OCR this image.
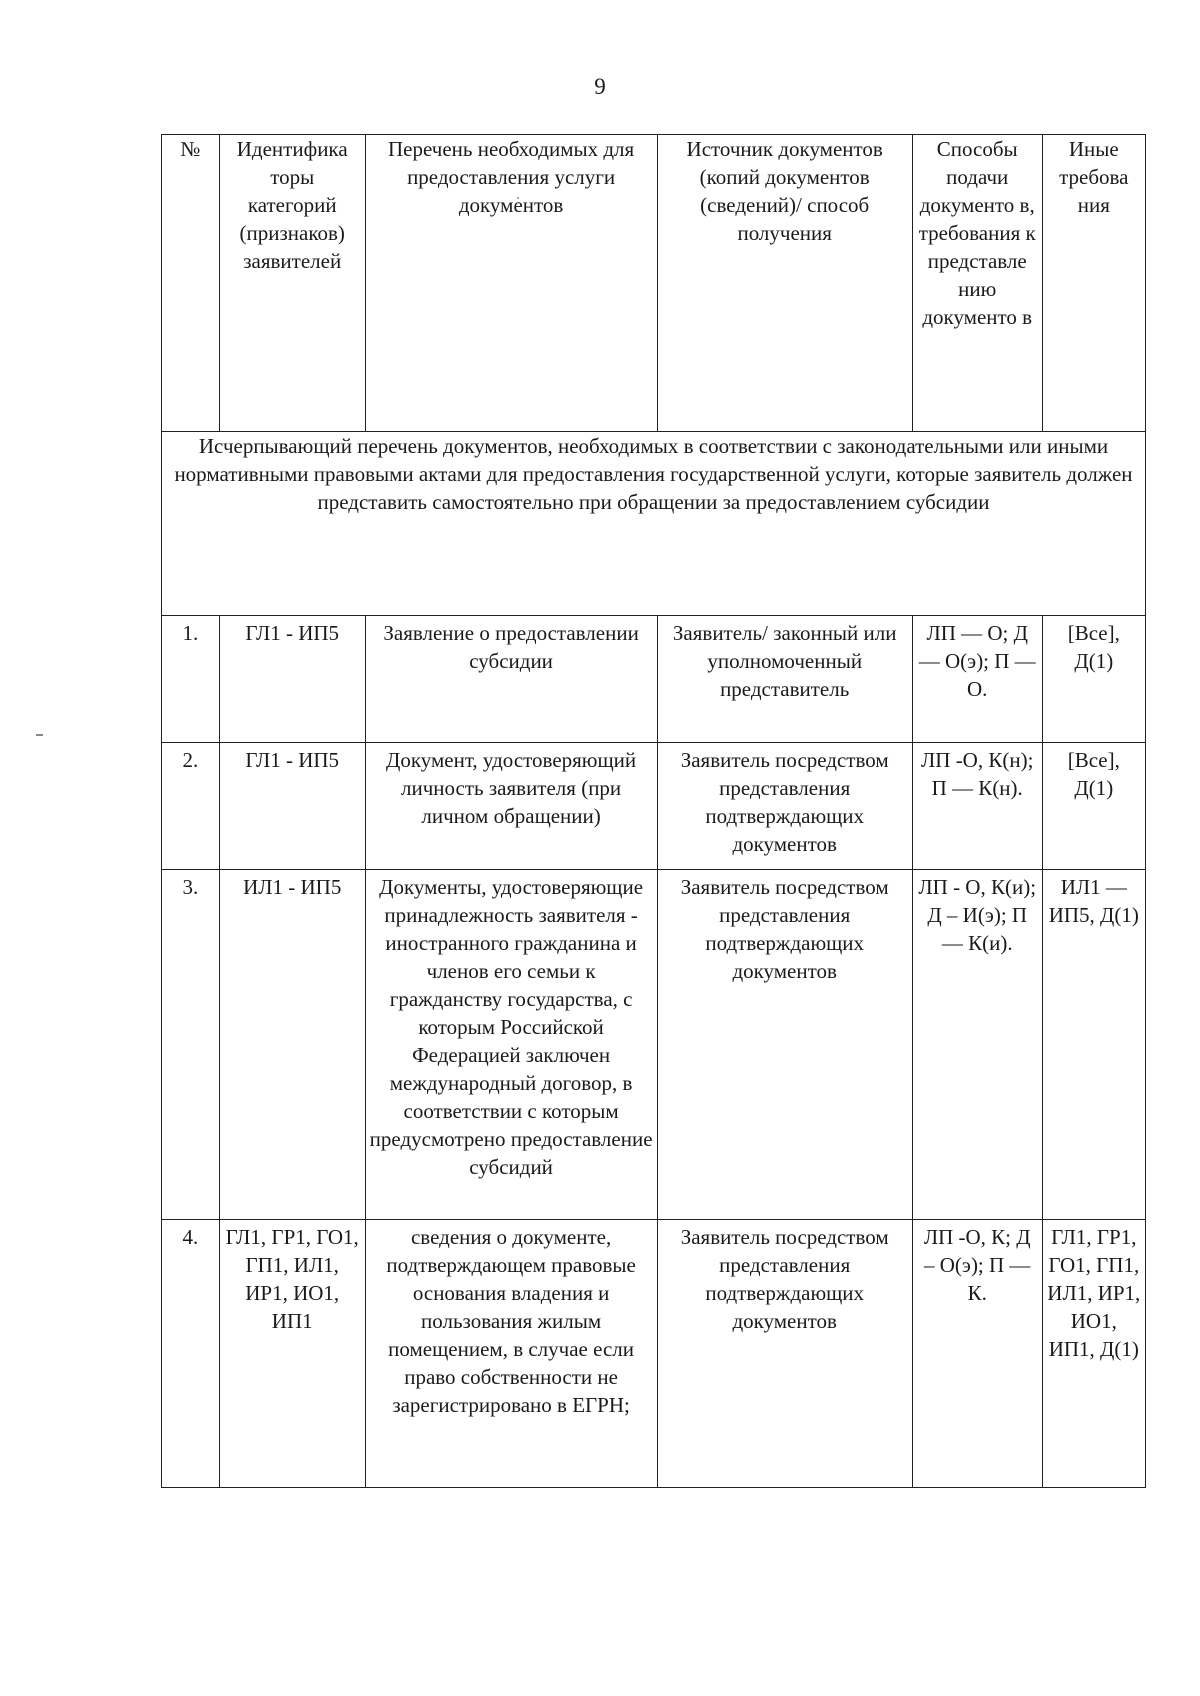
9
№	Идентифика торы категорий (признаков) заявителей	Перечень необходимых для предоставления услуги документов	Источник документов (копий документов (сведений)/ способ получения	Способы подачи документо в, требования к представле нию документо в	Иные требова ния
Исчерпывающий перечень документов, необходимых в соответствии с законодательными или иными нормативными правовыми актами для предоставления государственной услуги, которые заявитель должен представить самостоятельно при обращении за предоставлением субсидии					
1.	ГЛ1 - ИП5	Заявление о предоставлении субсидии	Заявитель/ законный или уполномоченный представитель	ЛП — О; Д — О(э); П — О.	[Все], Д(1)
2.	ГЛ1 - ИП5	Документ, удостоверяющий личность заявителя (при личном обращении)	Заявитель посредством представления подтверждающих документов	ЛП -О, К(н); П — К(н).	[Все], Д(1)
3.	ИЛ1 - ИП5	Документы, удостоверяющие принадлежность заявителя - иностранного гражданина и членов его семьи к гражданству государства, с которым Российской Федерацией заключен международный договор, в соответствии с которым предусмотрено предоставление субсидий	Заявитель посредством представления подтверждающих документов	ЛП - О, К(и); Д – И(э); П — К(и).	ИЛ1 — ИП5, Д(1)
4.	ГЛ1, ГР1, ГО1, ГП1, ИЛ1, ИР1, ИО1, ИП1	сведения о документе, подтверждающем правовые основания владения и пользования жилым помещением, в случае если право собственности не зарегистрировано в ЕГРН;	Заявитель посредством представления подтверждающих документов	ЛП -О, К; Д – О(э); П — К.	ГЛ1, ГР1, ГО1, ГП1, ИЛ1, ИР1, ИО1, ИП1, Д(1)
